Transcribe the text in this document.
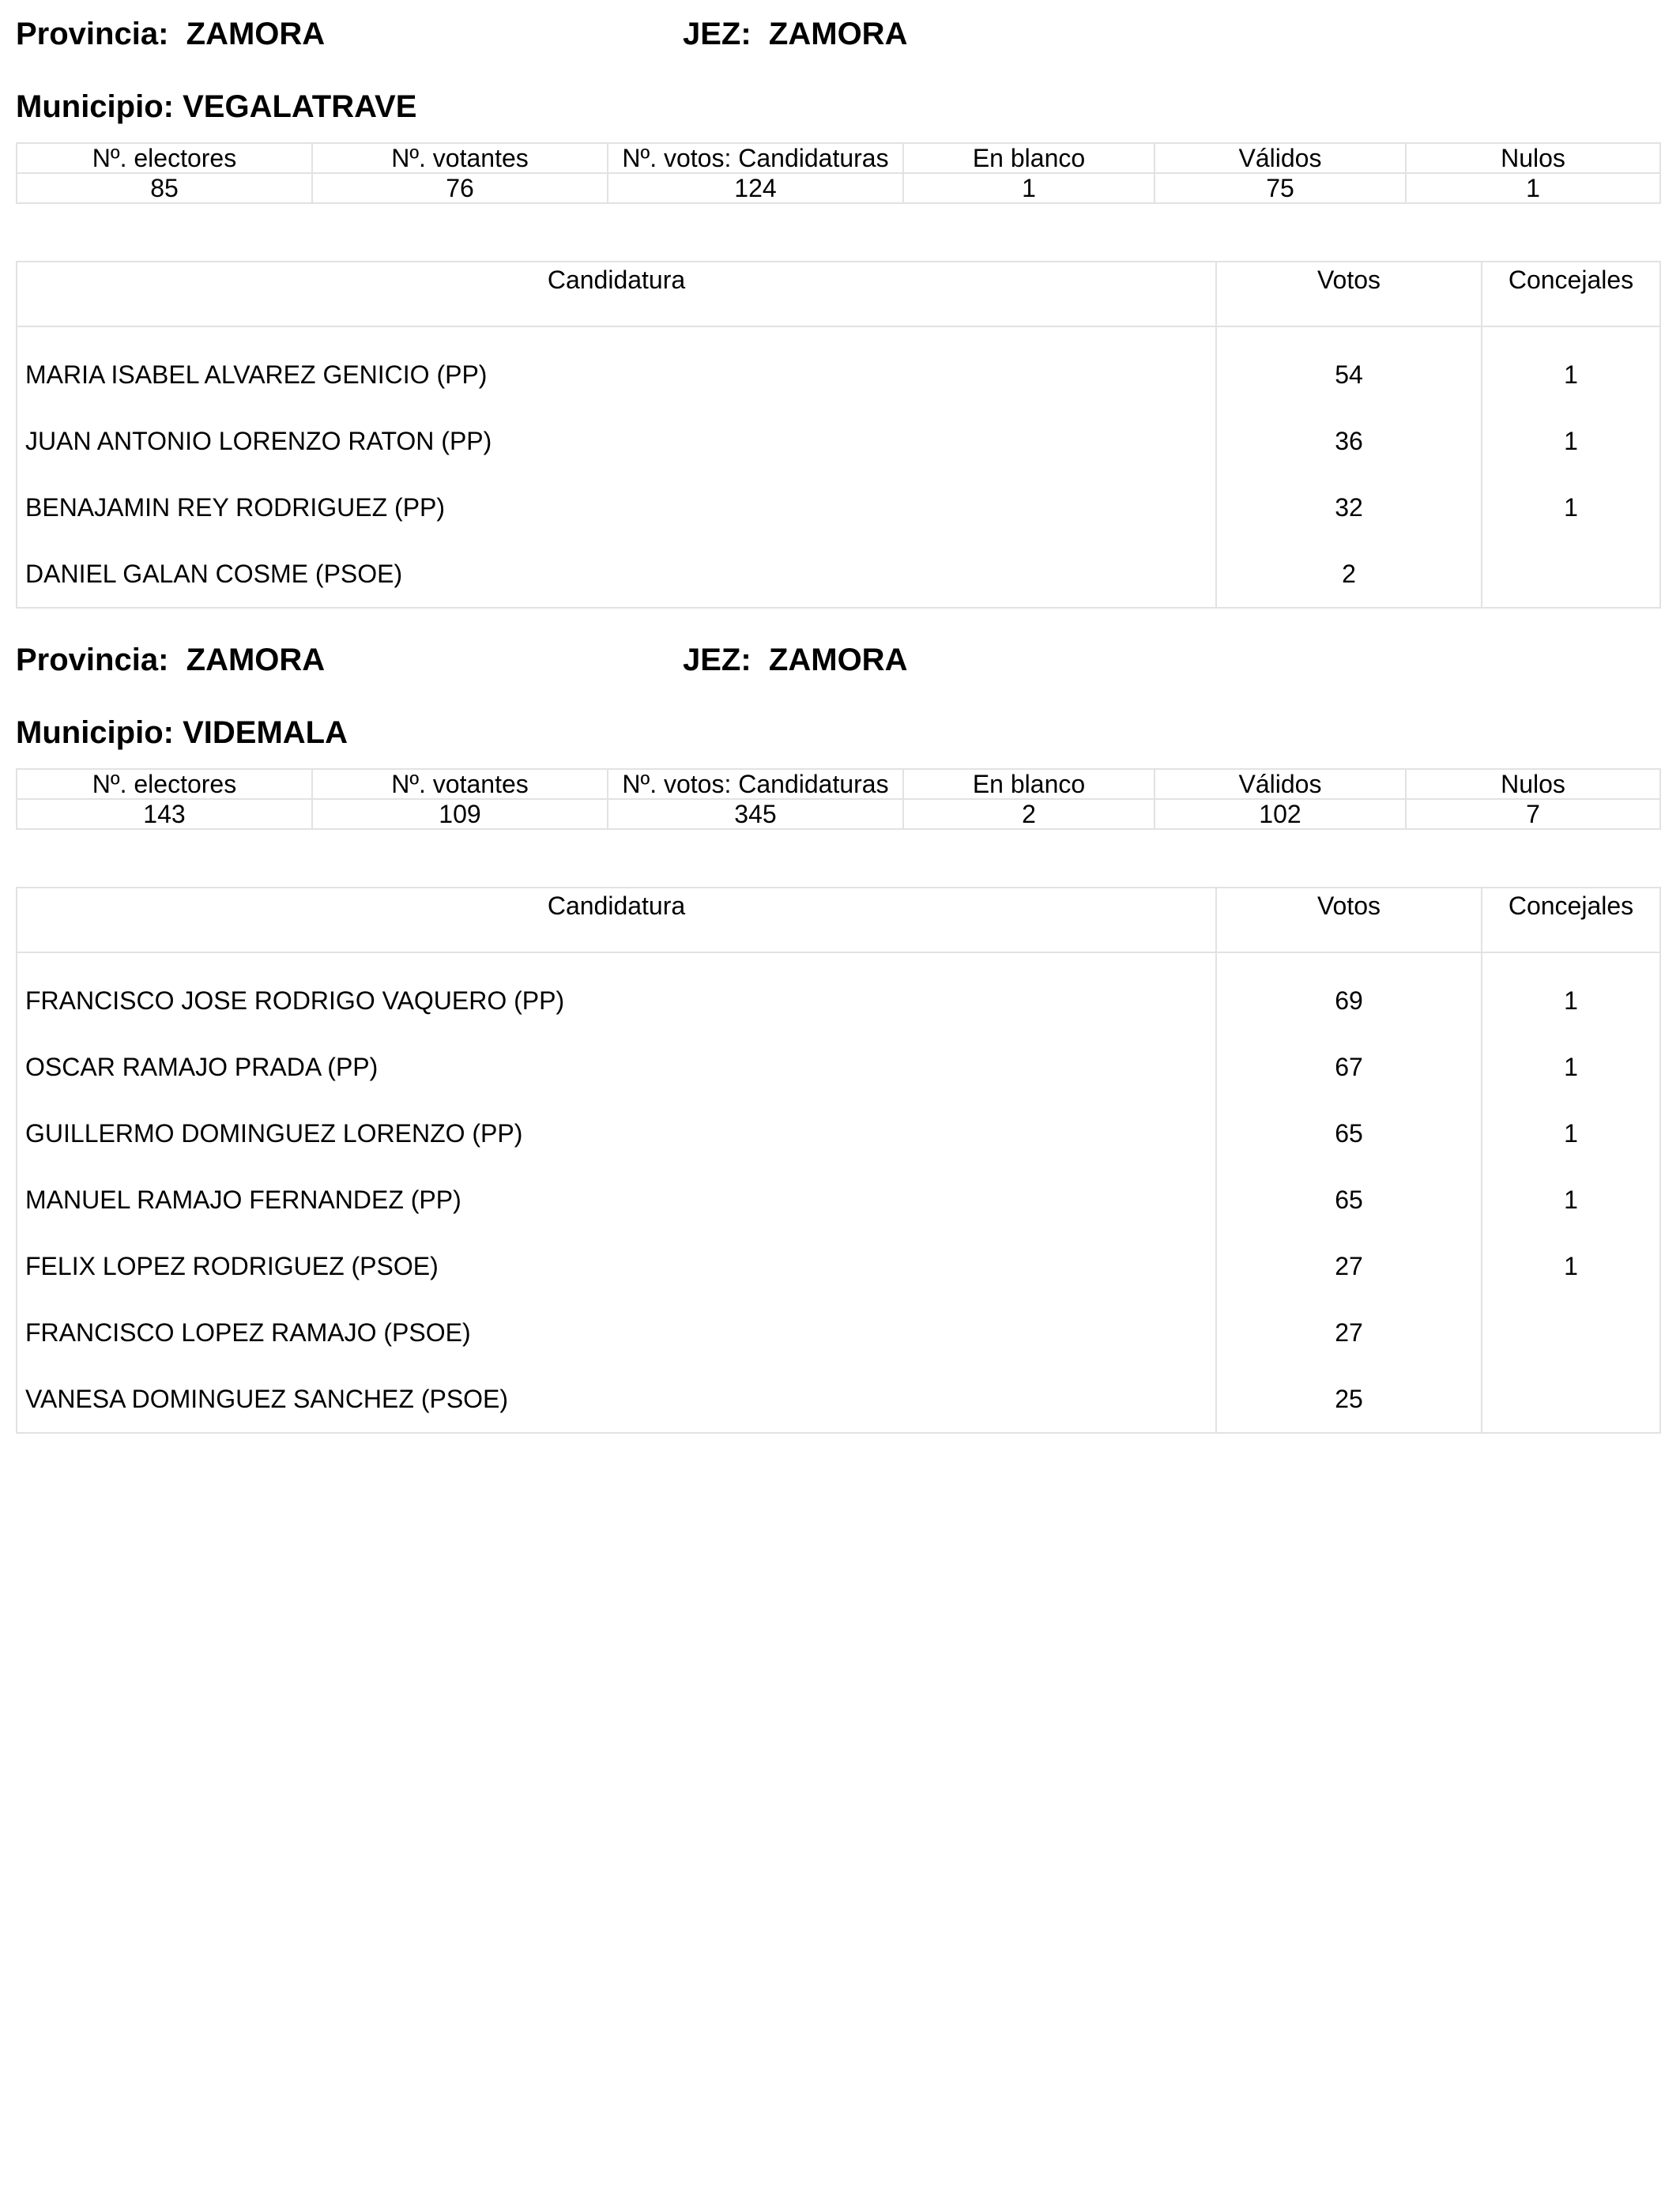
Provincia: ZAMORA	JEZ: ZAMORA
Municipio: VEGALATRAVE
Nº. electores	Nº. votantes	Nº. votos: Candidaturas	En blanco	Válidos	Nulos
85	76	124	1	75	1
Candidatura	Votos	Concejales
MARIA ISABEL ALVAREZ GENICIO (PP)	54	1
JUAN ANTONIO LORENZO RATON (PP)	36	1
BENAJAMIN REY RODRIGUEZ (PP)	32	1
DANIEL GALAN COSME (PSOE)	2	
Provincia: ZAMORA	JEZ: ZAMORA
Municipio: VIDEMALA
Nº. electores	Nº. votantes	Nº. votos: Candidaturas	En blanco	Válidos	Nulos
143	109	345	2	102	7
Candidatura	Votos	Concejales
FRANCISCO JOSE RODRIGO VAQUERO (PP)	69	1
OSCAR RAMAJO PRADA (PP)	67	1
GUILLERMO DOMINGUEZ LORENZO (PP)	65	1
MANUEL RAMAJO FERNANDEZ (PP)	65	1
FELIX LOPEZ RODRIGUEZ (PSOE)	27	1
FRANCISCO LOPEZ RAMAJO (PSOE)	27	
VANESA DOMINGUEZ SANCHEZ (PSOE)	25	
